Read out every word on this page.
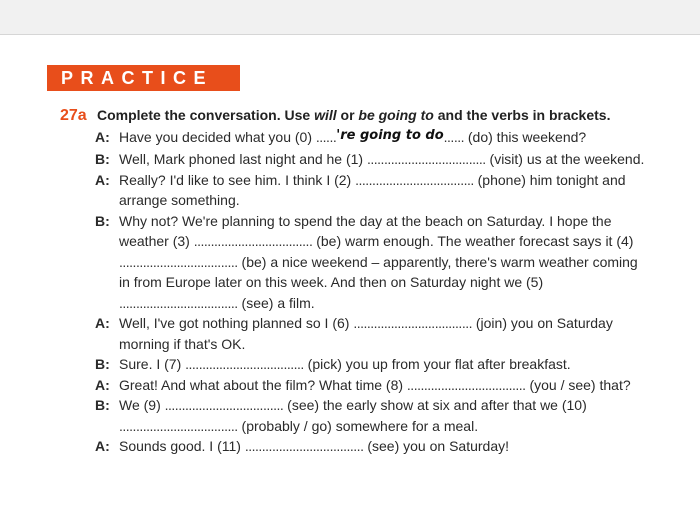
PRACTICE
27a Complete the conversation. Use will or be going to and the verbs in brackets.
A: Have you decided what you (0) ......'re going to do...... (do) this weekend?
B: Well, Mark phoned last night and he (1) ................................... (visit) us at the weekend.
A: Really? I'd like to see him. I think I (2) ................................... (phone) him tonight and arrange something.
B: Why not? We're planning to spend the day at the beach on Saturday. I hope the weather (3) ................................... (be) warm enough. The weather forecast says it (4) ................................... (be) a nice weekend – apparently, there's warm weather coming in from Europe later on this week. And then on Saturday night we (5) ................................... (see) a film.
A: Well, I've got nothing planned so I (6) ................................... (join) you on Saturday morning if that's OK.
B: Sure. I (7) ................................... (pick) you up from your flat after breakfast.
A: Great! And what about the film? What time (8) ................................... (you / see) that?
B: We (9) ................................... (see) the early show at six and after that we (10) ................................... (probably / go) somewhere for a meal.
A: Sounds good. I (11) ................................... (see) you on Saturday!
